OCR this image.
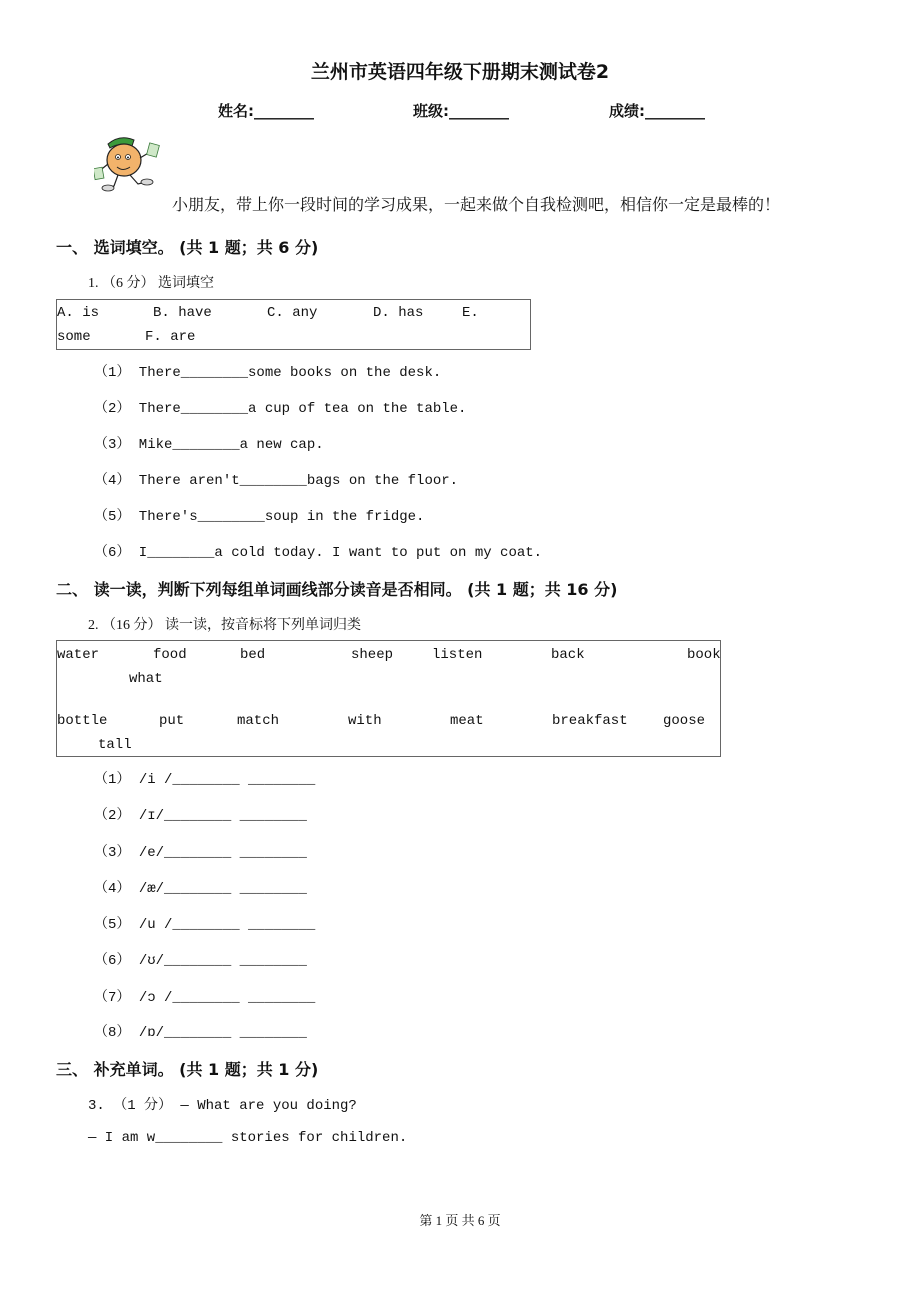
兰州市英语四年级下册期末测试卷2
姓名:________	班级:________	成绩:________
小朋友，带上你一段时间的学习成果，一起来做个自我检测吧，相信你一定是最棒的！
一、 选词填空。 (共 1 题；共 6 分)
1. （6 分） 选词填空
A. is	B. have	C. any	D. has	E.
some	F. are
（1） There________some books on the desk.
（2） There________a cup of tea on the table.
（3） Mike________a new cap.
（4） There aren't________bags on the floor.
（5） There's________soup in the fridge.
（6） I________a cold today. I want to put on my coat.
二、 读一读，判断下列每组单词画线部分读音是否相同。 (共 1 题；共 16 分)
2. （16 分） 读一读，按音标将下列单词归类
water	food	bed	sheep	listen	back	book
what
bottle	put	match	with	meat	breakfast	goose
tall
（1） /i /________ ________
（2） /ɪ/________ ________
（3） /e/________ ________
（4） /æ/________ ________
（5） /u /________ ________
（6） /ʊ/________ ________
（7） /ɔ /________ ________
（8） /ɒ/________ ________
三、 补充单词。 (共 1 题；共 1 分)
3. （1 分） — What are you doing?
— I am w________ stories for children.
第 1 页 共 6 页
